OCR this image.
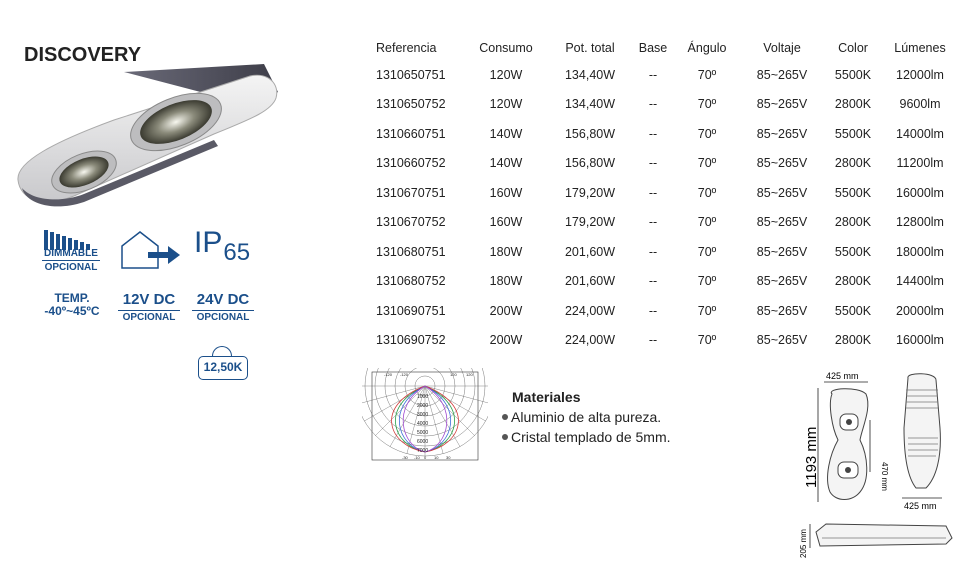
DISCOVERY
DIMMABLE
OPCIONAL
$IP_{65}$
TEMP.
-40º~45ºC
12V DC
OPCIONAL
24V DC
OPCIONAL
12,50K
Referencia	Consumo	Pot. total	Base	Ángulo	Voltaje	Color	Lúmenes
1310650751	120W	134,40W	--	70º	85~265V	5500K	12000lm
1310650752	120W	134,40W	--	70º	85~265V	2800K	9600lm
1310660751	140W	156,80W	--	70º	85~265V	5500K	14000lm
1310660752	140W	156,80W	--	70º	85~265V	2800K	11200lm
1310670751	160W	179,20W	--	70º	85~265V	5500K	16000lm
1310670752	160W	179,20W	--	70º	85~265V	2800K	12800lm
1310680751	180W	201,60W	--	70º	85~265V	5500K	18000lm
1310680752	180W	201,60W	--	70º	85~265V	2800K	14400lm
1310690751	200W	224,00W	--	70º	85~265V	5500K	20000lm
1310690752	200W	224,00W	--	70º	85~265V	2800K	16000lm
1000
2000
3000
4000
5000
6000
7000
-120 -120	120 120
-30 -10 0 10 30
Materiales
Aluminio de alta pureza.
Cristal templado de 5mm.
425 mm
1193 mm	470 mm
425 mm
205 mm
